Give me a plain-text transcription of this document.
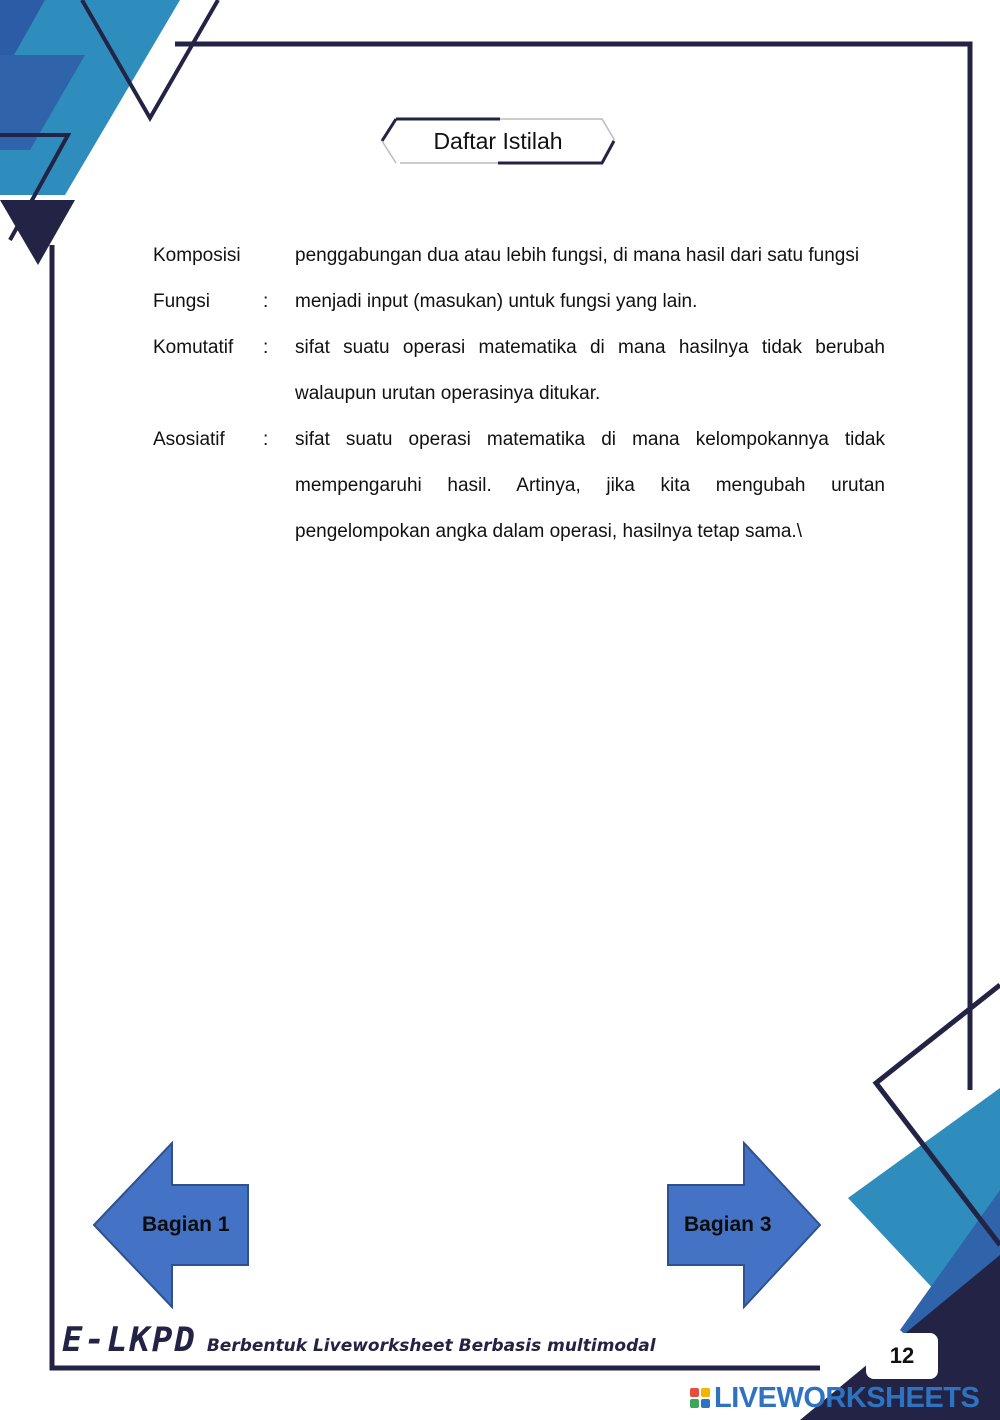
Daftar Istilah
Komposisi	penggabungan dua atau lebih fungsi, di mana hasil dari satu fungsi
Fungsi	: menjadi input (masukan) untuk fungsi yang lain.
Komutatif	: sifat suatu operasi matematika di mana hasilnya tidak berubah walaupun urutan operasinya ditukar.
Asosiatif	: sifat suatu operasi matematika di mana kelompokannya tidak mempengaruhi hasil. Artinya, jika kita mengubah urutan pengelompokan angka dalam operasi, hasilnya tetap sama.\
Bagian 1	Bagian 3
E-LKPD Berbentuk Liveworksheet Berbasis multimodal	12
LIVEWORKSHEETS
